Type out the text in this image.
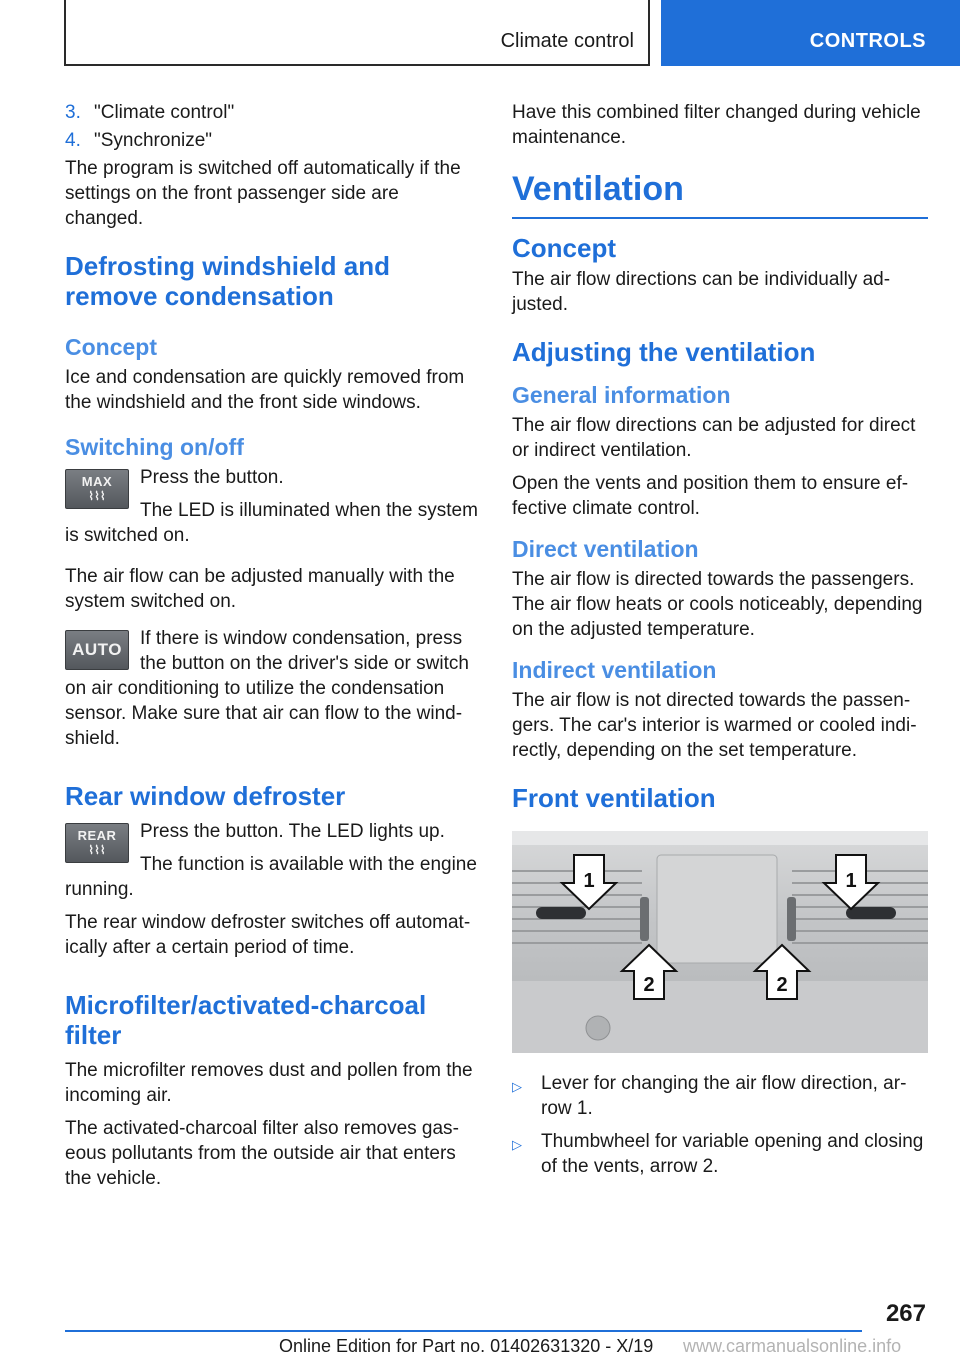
Climate control	CONTROLS
3. "Climate control"
4. "Synchronize"

The program is switched off automatically if the settings on the front passenger side are changed.

Defrosting windshield and remove condensation
Concept

Ice and condensation are quickly removed from the windshield and the front side windows.

Switching on/off
MAX
⌇⌇⌇
Press the button.
The LED is illuminated when the system is switched on.

The air flow can be adjusted manually with the system switched on.

AUTO
If there is window condensation, press the button on the driver's side or switch on air conditioning to utilize the condensation sensor. Make sure that air can flow to the windshield.
Rear window defroster
REAR
⌇⌇⌇
Press the button. The LED lights up.
The function is available with the engine running.

The rear window defroster switches off automatically after a certain period of time.

Microfilter/activated-charcoal filter

The microfilter removes dust and pollen from the incoming air.

The activated-charcoal filter also removes gaseous pollutants from the outside air that enters the vehicle.

Have this combined filter changed during vehicle maintenance.

Ventilation
Concept

The air flow directions can be individually adjusted.

Adjusting the ventilation
General information

The air flow directions can be adjusted for direct or indirect ventilation.

Open the vents and position them to ensure effective climate control.

Direct ventilation

The air flow is directed towards the passengers. The air flow heats or cools noticeably, depending on the adjusted temperature.

Indirect ventilation

The air flow is not directed towards the passengers. The car's interior is warmed or cooled indirectly, depending on the set temperature.

Front ventilation
1	1
2	2
▷	Lever for changing the air flow direction, arrow 1.
▷	Thumbwheel for variable opening and closing of the vents, arrow 2.
267
Online Edition for Part no. 01402631320 - X/19 www.carmanualsonline.info
